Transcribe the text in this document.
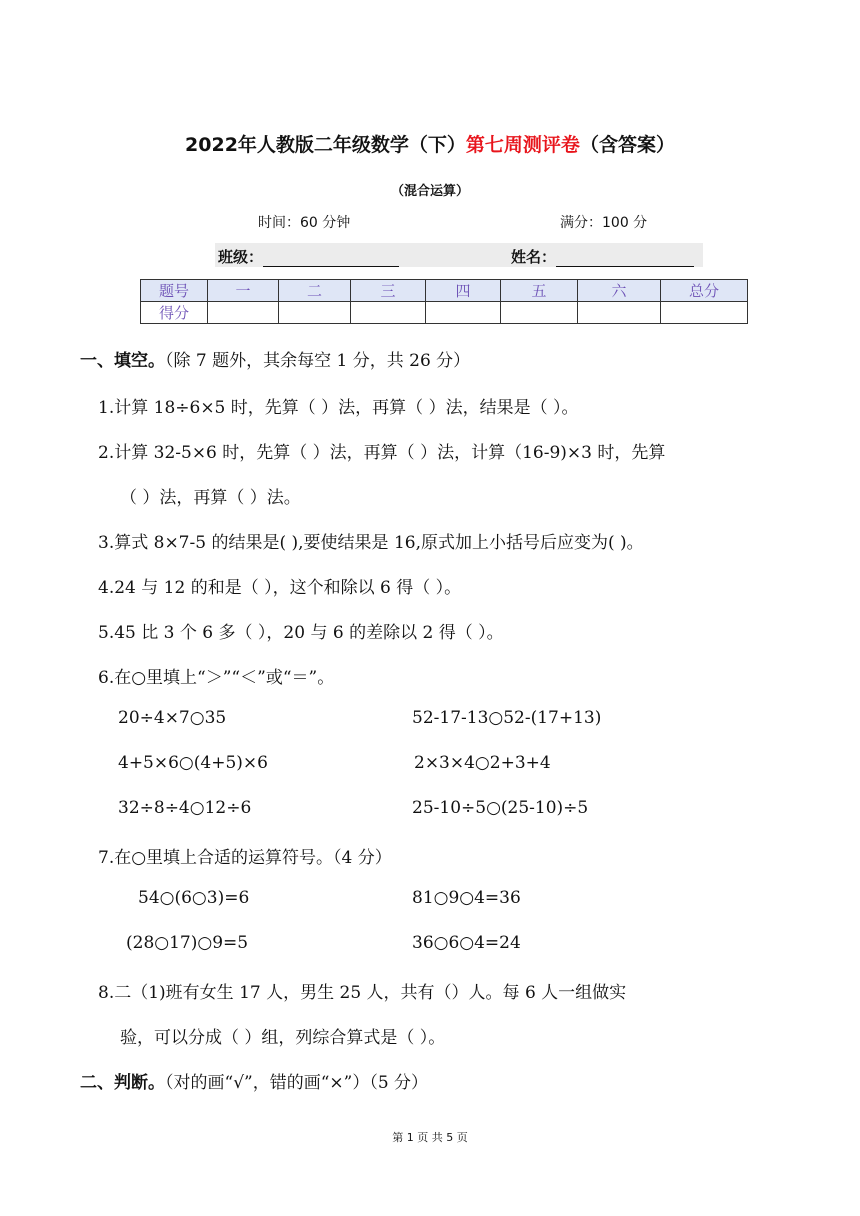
2022年人教版二年级数学（下）第七周测评卷（含答案）
（混合运算）
时间：60 分钟	满分：100 分
班级：	姓名：
题号	一	二	三	四	五	六	总分
得分							
一、填空。（除 7 题外，其余每空 1 分，共 26 分）
1.计算 18÷6×5 时，先算（ ）法，再算（ ）法，结果是（ ）。
2.计算 32-5×6 时，先算（ ）法，再算（ ）法，计算（16-9)×3 时，先算
（ ）法，再算（ ）法。
3.算式 8×7-5 的结果是( ),要使结果是 16,原式加上小括号后应变为( )。
4.24 与 12 的和是（ ），这个和除以 6 得（ ）。
5.45 比 3 个 6 多（ ），20 与 6 的差除以 2 得（ ）。
6.在○里填上“＞”“＜”或“＝”。
20÷4×7○35	52-17-13○52-(17+13)
4+5×6○(4+5)×6	2×3×4○2+3+4
32÷8÷4○12÷6	25-10÷5○(25-10)÷5
7.在○里填上合适的运算符号。（4 分）
54○(6○3)=6	81○9○4=36
(28○17)○9=5	36○6○4=24
8.二（1)班有女生 17 人，男生 25 人，共有（）人。每 6 人一组做实
验，可以分成（ ）组，列综合算式是（ ）。
二、判断。（对的画“√”，错的画“×”）（5 分）
第 1 页 共 5 页
